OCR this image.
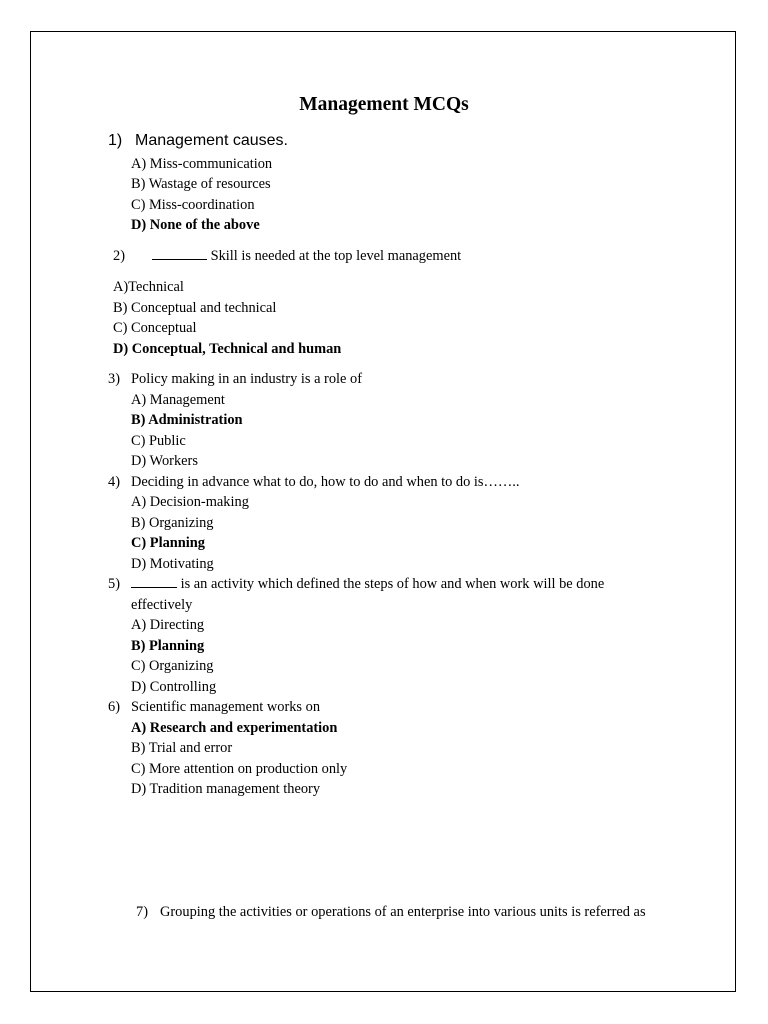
Management MCQs
1) Management causes.
A) Miss-communication
B) Wastage of resources
C) Miss-coordination
D) None of the above
2)	Skill is needed at the top level management
A)Technical
B) Conceptual and technical
C) Conceptual
D) Conceptual, Technical and human
3) Policy making in an industry is a role of
A) Management
B) Administration
C) Public
D) Workers
4) Deciding in advance what to do, how to do and when to do is……..
A) Decision-making
B) Organizing
C) Planning
D) Motivating
5)	is an activity which defined the steps of how and when work will be done
effectively
A) Directing
B) Planning
C) Organizing
D) Controlling
6) Scientific management works on
A) Research and experimentation
B) Trial and error
C) More attention on production only
D) Tradition management theory
7) Grouping the activities or operations of an enterprise into various units is referred as
